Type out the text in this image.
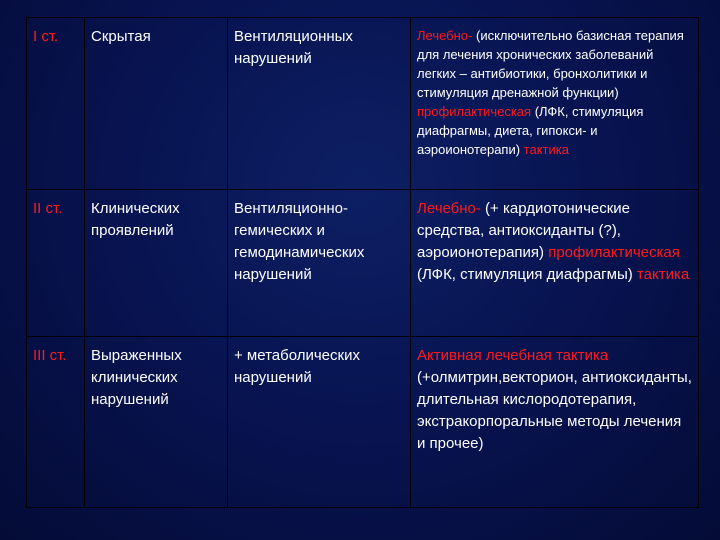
I ст.	Скрытая	Вентиляционных нарушений	Лечебно- (исключительно базисная терапия для лечения хронических заболеваний легких – антибиотики, бронхолитики и стимуляция дренажной функции) профилактическая (ЛФК, стимуляция диафрагмы, диета, гипокси- и аэроионотерапи) тактика
II ст.	Клинических проявлений	Вентиляционно-гемических и гемодинамических нарушений	Лечебно- (+ кардиотонические средства, антиоксиданты (?), аэроионотерапия) профилактическая (ЛФК, стимуляция диафрагмы) тактика
III ст.	Выраженных клинических нарушений	+ метаболических нарушений	Активная лечебная тактика (+олмитрин,векторион, антиоксиданты, длительная кислородотерапия, экстракорпоральные методы лечения и прочее)
